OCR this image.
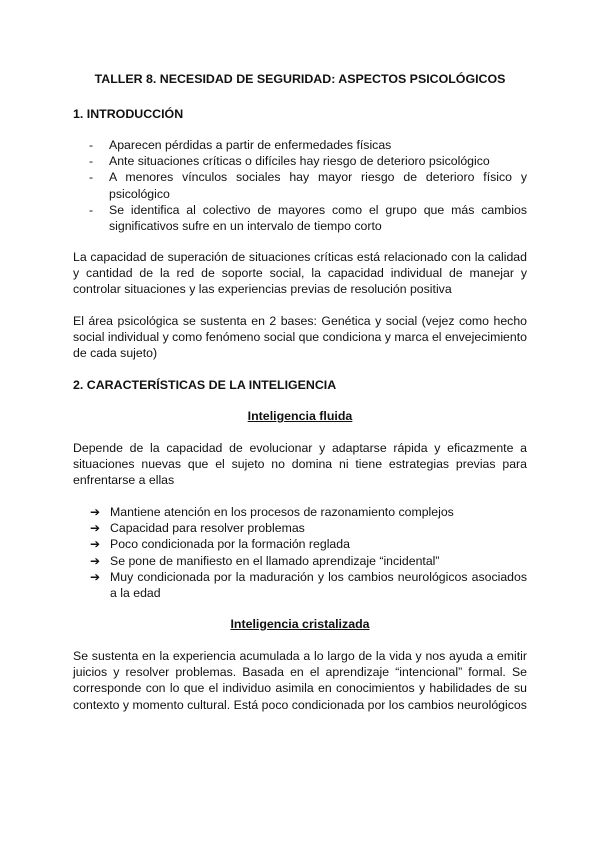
TALLER 8. NECESIDAD DE SEGURIDAD: ASPECTOS PSICOLÓGICOS
1. INTRODUCCIÓN
- Aparecen pérdidas a partir de enfermedades físicas
- Ante situaciones críticas o difíciles hay riesgo de deterioro psicológico
- A menores vínculos sociales hay mayor riesgo de deterioro físico y psicológico
- Se identifica al colectivo de mayores como el grupo que más cambios significativos sufre en un intervalo de tiempo corto
La capacidad de superación de situaciones críticas está relacionado con la calidad y cantidad de la red de soporte social, la capacidad individual de manejar y controlar situaciones y las experiencias previas de resolución positiva
El área psicológica se sustenta en 2 bases: Genética y social (vejez como hecho social individual y como fenómeno social que condiciona y marca el envejecimiento de cada sujeto)
2. CARACTERÍSTICAS DE LA INTELIGENCIA
Inteligencia fluida
Depende de la capacidad de evolucionar y adaptarse rápida y eficazmente a situaciones nuevas que el sujeto no domina ni tiene estrategias previas para enfrentarse a ellas
➔ Mantiene atención en los procesos de razonamiento complejos
➔ Capacidad para resolver problemas
➔ Poco condicionada por la formación reglada
➔ Se pone de manifiesto en el llamado aprendizaje “incidental”
➔ Muy condicionada por la maduración y los cambios neurológicos asociados a la edad
Inteligencia cristalizada
Se sustenta en la experiencia acumulada a lo largo de la vida y nos ayuda a emitir juicios y resolver problemas. Basada en el aprendizaje “intencional” formal. Se corresponde con lo que el individuo asimila en conocimientos y habilidades de su contexto y momento cultural. Está poco condicionada por los cambios neurológicos
